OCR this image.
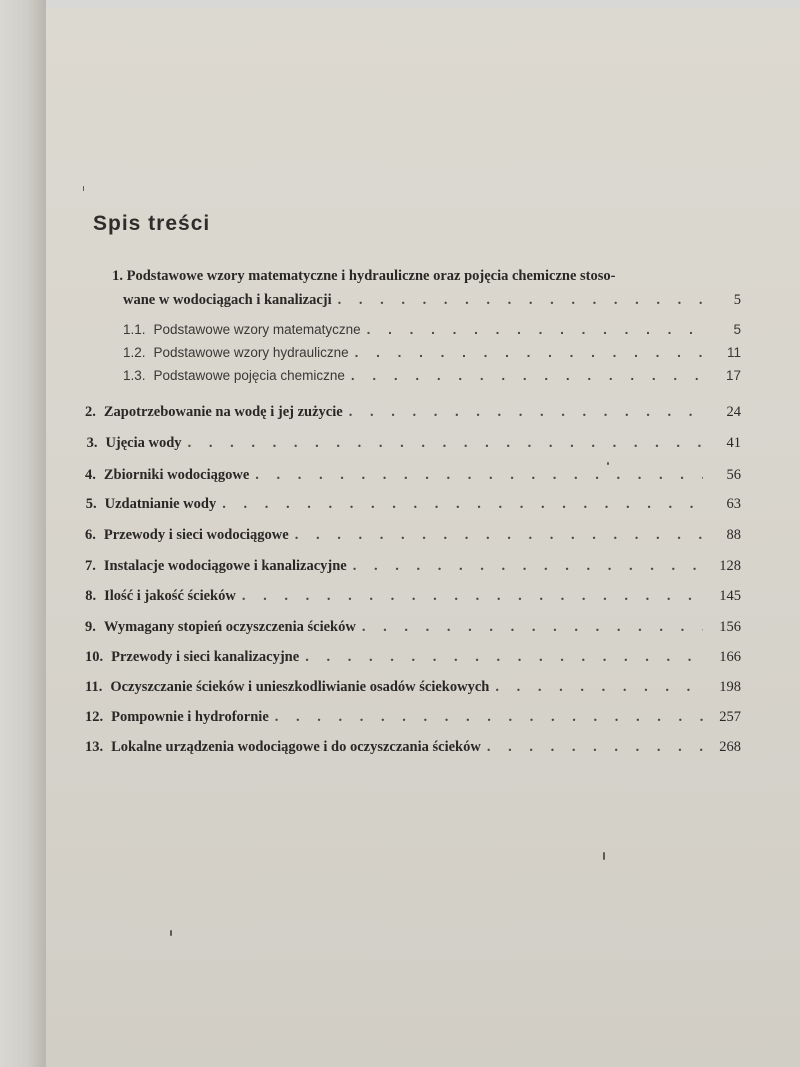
Spis treści
1. Podstawowe wzory matematyczne i hydrauliczne oraz pojęcia chemiczne stoso-
wane w wodociągach i kanalizacji . . .	5
1.1. Podstawowe wzory matematyczne . . .	5
1.2. Podstawowe wzory hydrauliczne . . .	11
1.3. Podstawowe pojęcia chemiczne . . .	17
2. Zapotrzebowanie na wodę i jej zużycie . . .	24
3. Ujęcia wody . . .	41
4. Zbiorniki wodociągowe . . .	56
5. Uzdatnianie wody . . .	63
6. Przewody i sieci wodociągowe . . .	88
7. Instalacje wodociągowe i kanalizacyjne . . .	128
8. Ilość i jakość ścieków . . .	145
9. Wymagany stopień oczyszczenia ścieków . . .	156
10. Przewody i sieci kanalizacyjne . . .	166
11. Oczyszczanie ścieków i unieszkodliwianie osadów ściekowych . . .	198
12. Pompownie i hydrofornie . . .	257
13. Lokalne urządzenia wodociągowe i do oczyszczania ścieków . . .	268
